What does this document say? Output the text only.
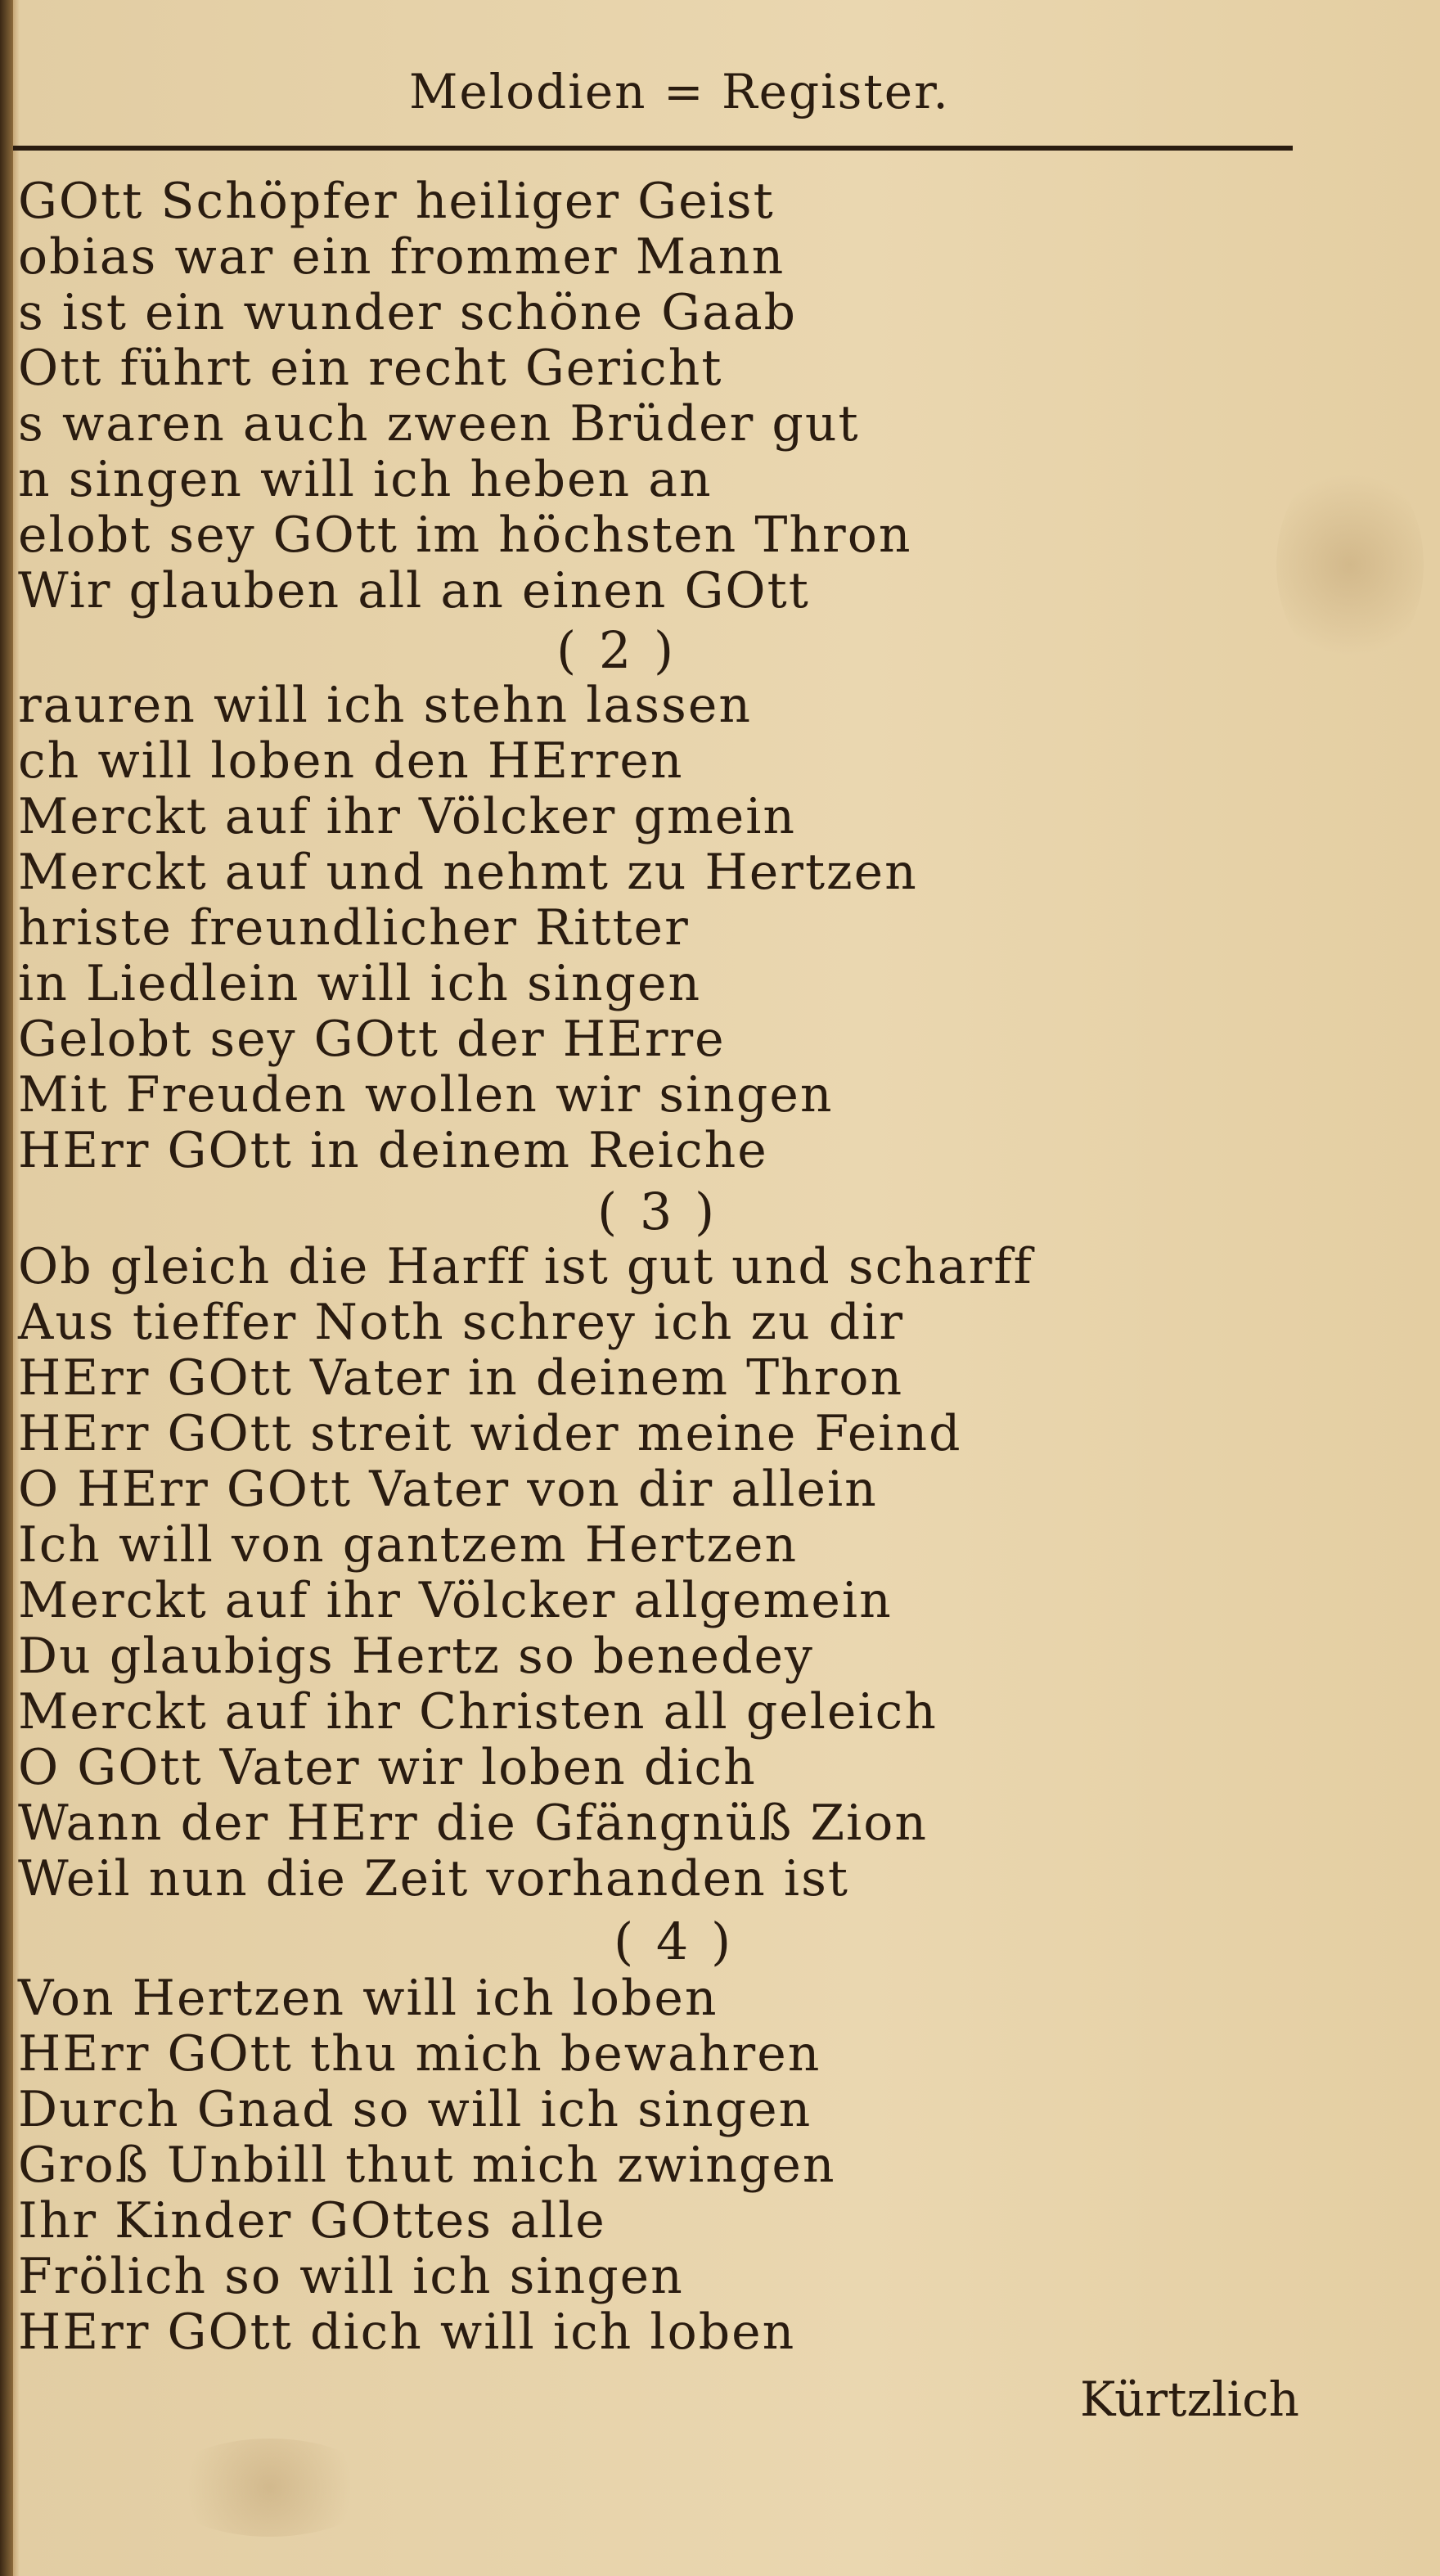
Melodien = Register.
GOtt Schöpfer heiliger Geist
obias war ein frommer Mann
s ist ein wunder schöne Gaab
Ott führt ein recht Gericht
s waren auch zween Brüder gut
n singen will ich heben an
elobt sey GOtt im höchsten Thron
Wir glauben all an einen GOtt
( 2 )
rauren will ich stehn lassen
ch will loben den HErren
Merckt auf ihr Völcker gmein
Merckt auf und nehmt zu Hertzen
hriste freundlicher Ritter
in Liedlein will ich singen
Gelobt sey GOtt der HErre
Mit Freuden wollen wir singen
HErr GOtt in deinem Reiche
( 3 )
Ob gleich die Harff ist gut und scharff
Aus tieffer Noth schrey ich zu dir
HErr GOtt Vater in deinem Thron
HErr GOtt streit wider meine Feind
O HErr GOtt Vater von dir allein
Ich will von gantzem Hertzen
Merckt auf ihr Völcker allgemein
Du glaubigs Hertz so benedey
Merckt auf ihr Christen all geleich
O GOtt Vater wir loben dich
Wann der HErr die Gfängnüß Zion
Weil nun die Zeit vorhanden ist
( 4 )
Von Hertzen will ich loben
HErr GOtt thu mich bewahren
Durch Gnad so will ich singen
Groß Unbill thut mich zwingen
Ihr Kinder GOttes alle
Frölich so will ich singen
HErr GOtt dich will ich loben
Kürtzlich
